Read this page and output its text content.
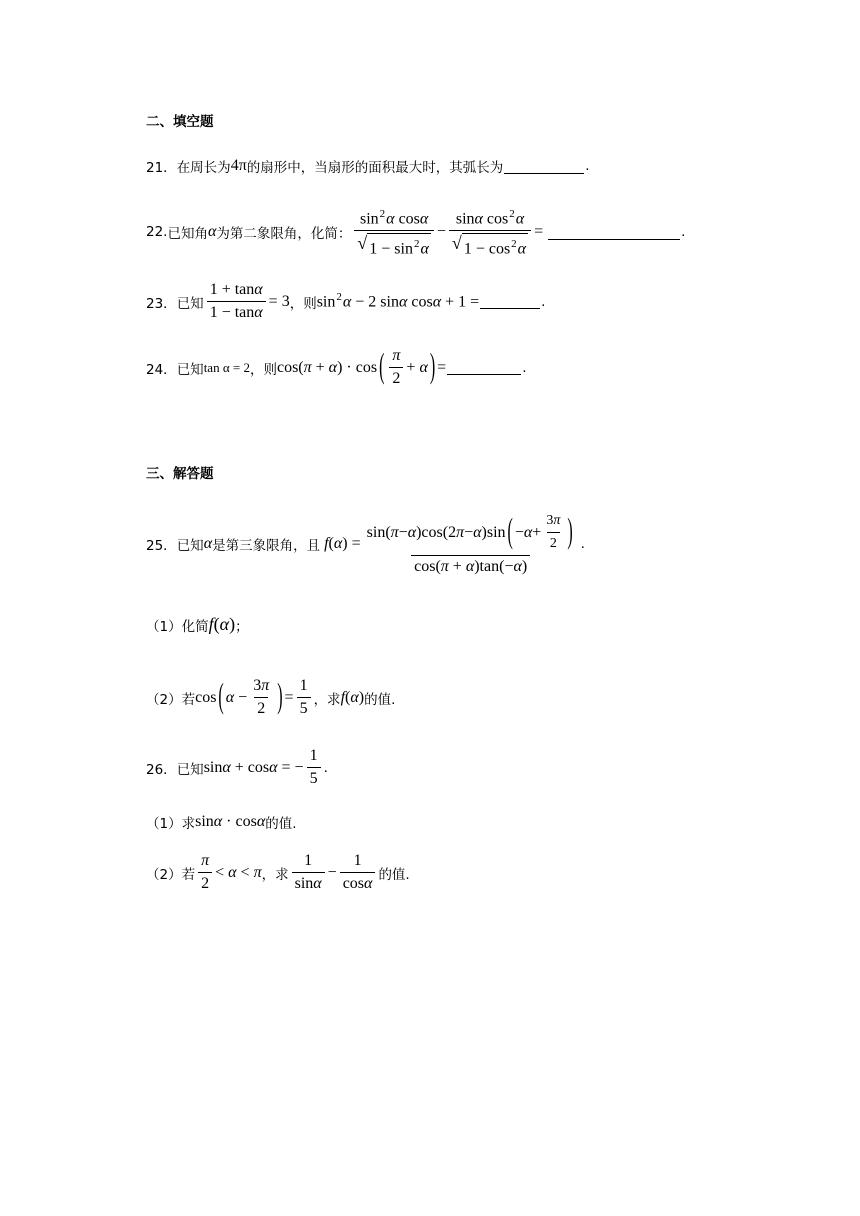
二、填空题
21． 在周长为 4π 的扇形中，当扇形的面积最大时，其弧长为	.
22. 已知角 α 为第二象限角，化简： $\frac{\sin^2\alpha \cos\alpha}{√ 1 - \sin^2\alpha} - \frac{\sin\alpha \cos^2\alpha}{√ 1 - \cos^2\alpha}$ =	.
23． 已知 $\frac{1 + \tan\alpha}{1 - \tan\alpha} = 3$ ，则 $\sin^2\alpha - 2$ sinα cosα + 1 =	.
24． 已知 tan α = 2 ，则 cos(π + α) · cos ( $\frac{\pi}{2} + \alpha$ ) =	.
三、解答题
25． 已知 α 是第三象限角，且 $f(\alpha) = \frac{\sin( \pi - \alpha )\cos(2 \pi - \alpha )\sin ( - \alpha + \frac{3\pi}{2} )}{\cos(\pi + \alpha)\tan(-\alpha)}$ .
（1） 化简 f(α) ；
（2） 若 cos ( $\alpha - \frac{3\pi}{2}$ ) = $\frac{1}{5}$ ，求 f(α) 的值.
26． 已知 sinα + cosα = − $\frac{1}{5}$ .
（1） 求 sinα · cosα 的值.
（2） 若 $\frac{\pi}{2} < \alpha < \pi$ ，求 $\frac{1}{\sin\alpha} - \frac{1}{\cos\alpha}$ 的值.
